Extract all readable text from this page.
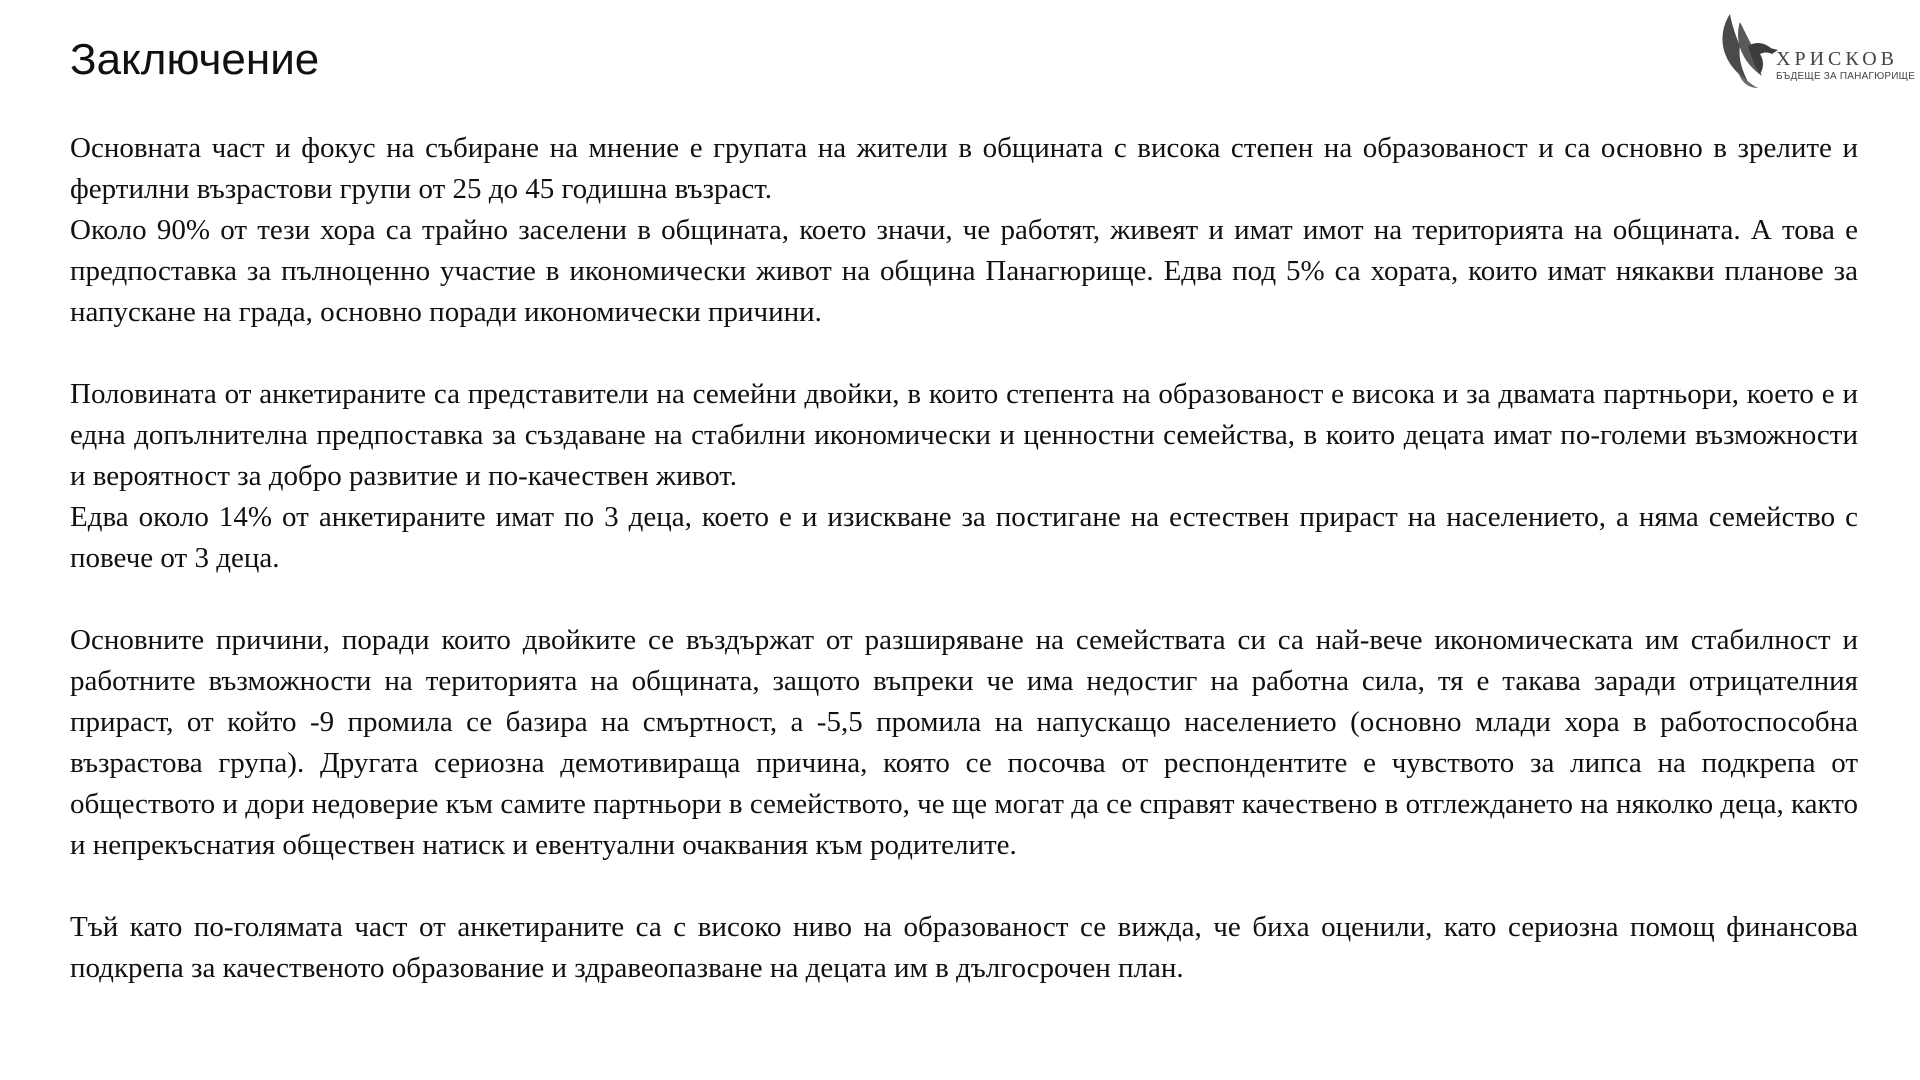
Заключение	ХРИСКОВ
БЪДЕЩЕ ЗА ПАНАГЮРИЩЕ

Основната част и фокус на събиране на мнение е групата на жители в общината с висока степен на образованост и са основно в зрелите и фертилни възрастови групи от 25 до 45 годишна възраст.

Около 90% от тези хора са трайно заселени в общината, което значи, че работят, живеят и имат имот на територията на общината. А това е предпоставка за пълноценно участие в икономически живот на община Панагюрище. Едва под 5% са хората, които имат някакви планове за напускане на града, основно поради икономически причини.

Половината от анкетираните са представители на семейни двойки, в които степента на образованост е висока и за двамата партньори, което е и една допълнителна предпоставка за създаване на стабилни икономически и ценностни семейства, в които децата имат по-големи възможности и вероятност за добро развитие и по-качествен живот.

Едва около 14% от анкетираните имат по 3 деца, което е и изискване за постигане на естествен прираст на населението, а няма семейство с повече от 3 деца.

Основните причини, поради които двойките се въздържат от разширяване на семействата си са най-вече икономическата им стабилност и работните възможности на територията на общината, защото въпреки че има недостиг на работна сила, тя е такава заради отрицателния прираст, от който -9 промила се базира на смъртност, а -5,5 промила на напускащо населението (основно млади хора в работоспособна възрастова група). Другата сериозна демотивираща причина, която се посочва от респондентите е чувството за липса на подкрепа от обществото и дори недоверие към самите партньори в семейството, че ще могат да се справят качествено в отглеждането на няколко деца, както и непрекъснатия обществен натиск и евентуални очаквания към родителите.

Тъй като по-голямата част от анкетираните са с високо ниво на образованост се вижда, че биха оценили, като сериозна помощ финансова подкрепа за качественото образование и здравеопазване на децата им в дългосрочен план.
